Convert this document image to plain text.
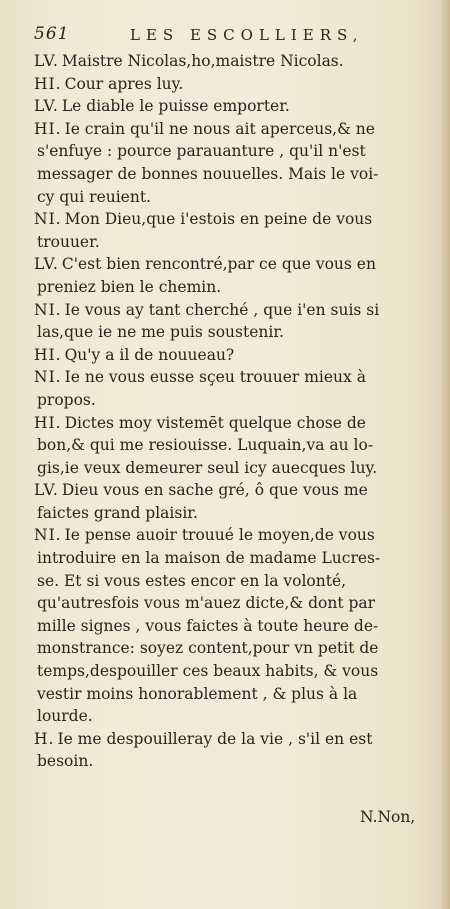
561	LES ESCOLLIERS,
LV. Maistre Nicolas,ho,maistre Nicolas.
HI. Cour apres luy.
LV. Le diable le puisse emporter.
HI. Ie crain qu'il ne nous ait aperceus,& ne
s'enfuye : pource parauanture , qu'il n'est
messager de bonnes nouuelles. Mais le voi-
cy qui reuient.
NI. Mon Dieu,que i'estois en peine de vous
trouuer.
LV. C'est bien rencontré,par ce que vous en
preniez bien le chemin.
NI. Ie vous ay tant cherché , que i'en suis si
las,que ie ne me puis soustenir.
HI. Qu'y a il de nouueau?
NI. Ie ne vous eusse sçeu trouuer mieux à
propos.
HI. Dictes moy vistemēt quelque chose de
bon,& qui me resiouisse. Luquain,va au lo-
gis,ie veux demeurer seul icy auecques luy.
LV. Dieu vous en sache gré, ô que vous me
faictes grand plaisir.
NI. Ie pense auoir trouué le moyen,de vous
introduire en la maison de madame Lucres-
se. Et si vous estes encor en la volonté,
qu'autresfois vous m'auez dicte,& dont par
mille signes , vous faictes à toute heure de-
monstrance: soyez content,pour vn petit de
temps,despouiller ces beaux habits, & vous
vestir moins honorablement , & plus à la
lourde.
H. Ie me despouilleray de la vie , s'il en est
besoin.
N.Non,
